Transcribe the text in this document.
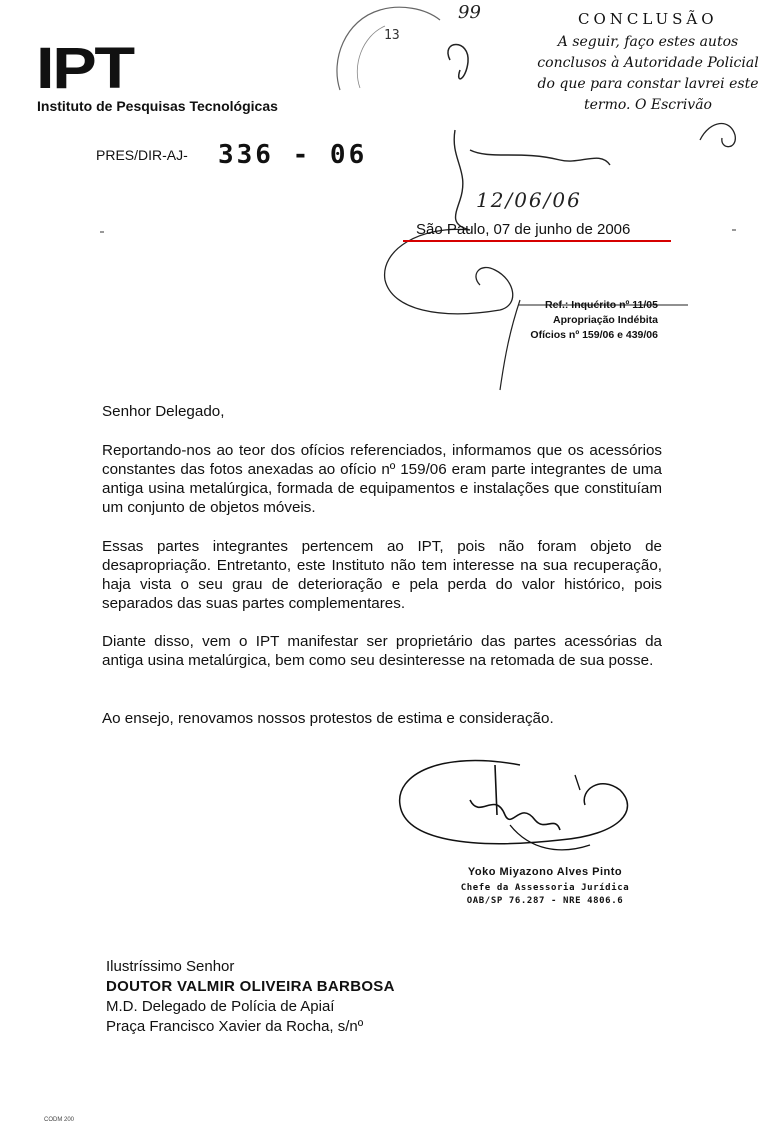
IPT
Instituto de Pesquisas Tecnológicas
PRES/DIR-AJ- 336 - 06
13
99	CONCLUSÃO
A seguir, faço estes autos conclusos à Autoridade Policial do que para constar lavrei este termo. O Escrivão
12/06/06
São Paulo, 07 de junho de 2006
Ref.: Inquérito nº 11/05
Apropriação Indébita
Ofícios nº 159/06 e 439/06
Senhor Delegado,
Reportando-nos ao teor dos ofícios referenciados, informamos que os acessórios constantes das fotos anexadas ao ofício nº 159/06 eram parte integrantes de uma antiga usina metalúrgica, formada de equipamentos e instalações que constituíam um conjunto de objetos móveis.
Essas partes integrantes pertencem ao IPT, pois não foram objeto de desapropriação. Entretanto, este Instituto não tem interesse na sua recuperação, haja vista o seu grau de deterioração e pela perda do valor histórico, pois separados das suas partes complementares.
Diante disso, vem o IPT manifestar ser proprietário das partes acessórias da antiga usina metalúrgica, bem como seu desinteresse na retomada de sua posse.
Ao ensejo, renovamos nossos protestos de estima e consideração.
Yoko Miyazono Alves Pinto
Chefe da Assessoria Jurídica
OAB/SP 76.287 - NRE 4806.6
Ilustríssimo Senhor
DOUTOR VALMIR OLIVEIRA BARBOSA
M.D. Delegado de Polícia de Apiaí
Praça Francisco Xavier da Rocha, s/nº
CODM 200
